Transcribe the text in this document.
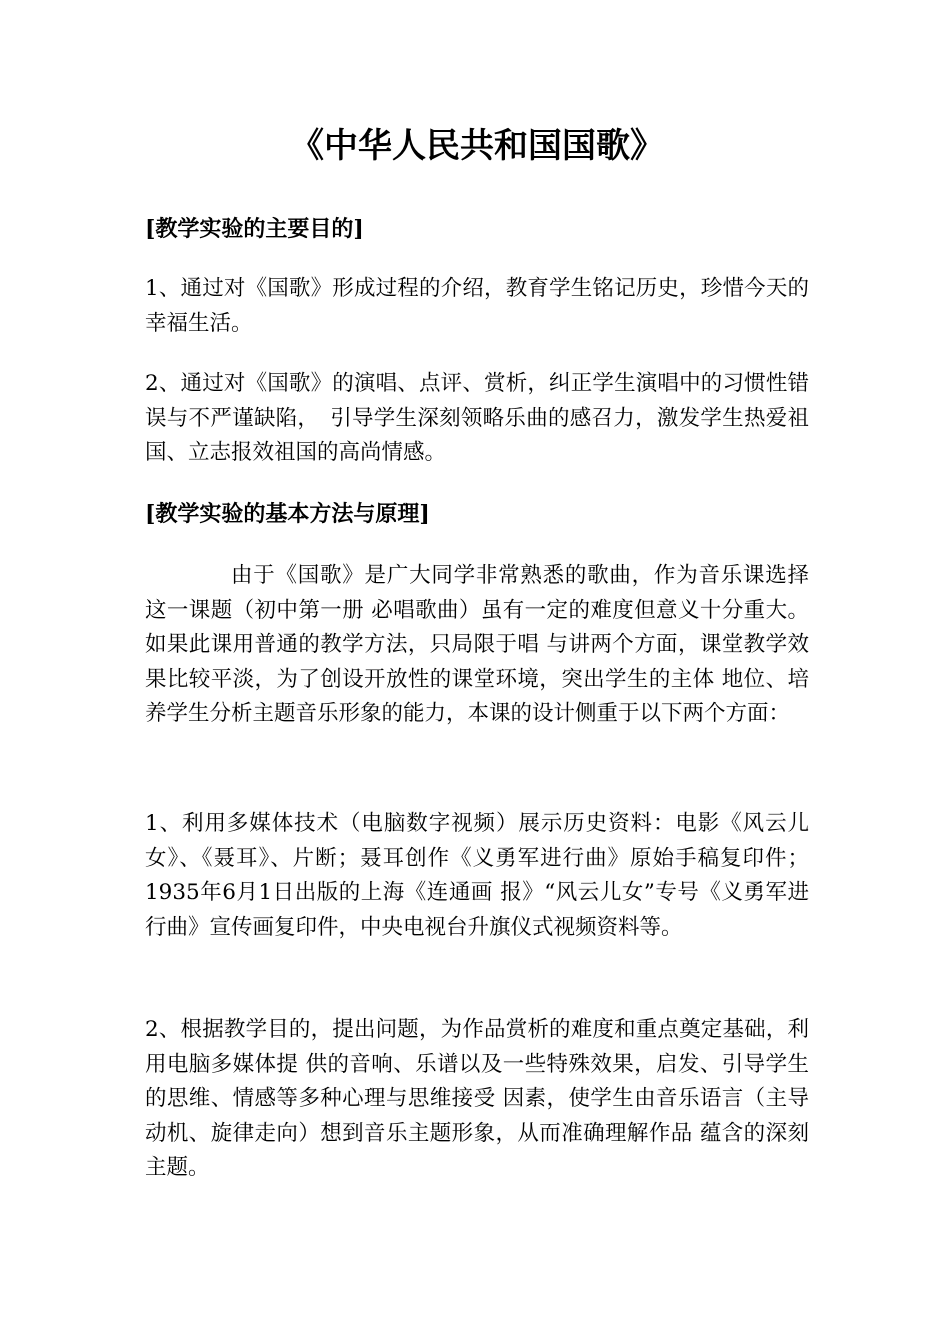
《中华人民共和国国歌》
[教学实验的主要目的]

1、通过对《国歌》形成过程的介绍，教育学生铭记历史，珍惜今天的幸福生活。

2、通过对《国歌》的演唱、点评、赏析，纠正学生演唱中的习惯性错误与不严谨缺陷，　引导学生深刻领略乐曲的感召力，激发学生热爱祖国、立志报效祖国的高尚情感。

[教学实验的基本方法与原理]

由于《国歌》是广大同学非常熟悉的歌曲，作为音乐课选择这一课题（初中第一册 必唱歌曲）虽有一定的难度但意义十分重大。如果此课用普通的教学方法，只局限于唱 与讲两个方面，课堂教学效果比较平淡，为了创设开放性的课堂环境，突出学生的主体 地位、培养学生分析主题音乐形象的能力，本课的设计侧重于以下两个方面：

1、利用多媒体技术（电脑数字视频）展示历史资料：电影《风云儿女》、《聂耳》、片断；聂耳创作《义勇军进行曲》原始手稿复印件；1935年6月1日出版的上海《连通画 报》“风云儿女”专号《义勇军进行曲》宣传画复印件，中央电视台升旗仪式视频资料等。

2、根据教学目的，提出问题，为作品赏析的难度和重点奠定基础，利用电脑多媒体提 供的音响、乐谱以及一些特殊效果，启发、引导学生的思维、情感等多种心理与思维接受 因素，使学生由音乐语言（主导动机、旋律走向）想到音乐主题形象，从而准确理解作品 蕴含的深刻主题。
